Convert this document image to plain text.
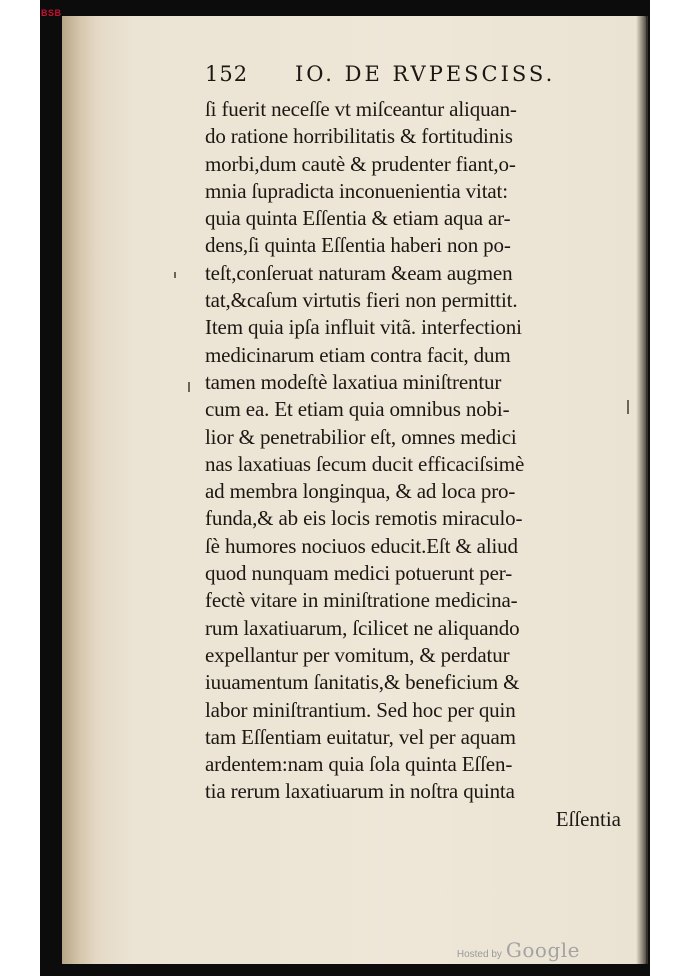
BSB
152	IO. DE RVPESCISS.
ſi fuerit neceſſe vt miſceantur aliquan-
do ratione horribilitatis & fortitudinis
morbi,dum cautè & prudenter fiant,o-
mnia ſupradicta inconuenientia vitat:
quia quinta Eſſentia & etiam aqua ar-
dens,ſi quinta Eſſentia haberi non po-
teſt,conſeruat naturam &eam augmen
tat,&caſum virtutis fieri non permittit.
Item quia ipſa influit vitã. interfectioni
medicinarum etiam contra facit, dum
tamen modeſtè laxatiua miniſtrentur
cum ea. Et etiam quia omnibus nobi-
lior & penetrabilior eſt, omnes medici
nas laxatiuas ſecum ducit efficaciſsimè
ad membra longinqua, & ad loca pro-
funda,& ab eis locis remotis miraculo-
ſè humores nociuos educit.Eſt & aliud
quod nunquam medici potuerunt per-
fectè vitare in miniſtratione medicina-
rum laxatiuarum, ſcilicet ne aliquando
expellantur per vomitum, & perdatur
iuuamentum ſanitatis,& beneficium &
labor miniſtrantium. Sed hoc per quin
tam Eſſentiam euitatur, vel per aquam
ardentem:nam quia ſola quinta Eſſen-
tia rerum laxatiuarum in noſtra quinta
Eſſentia
Hosted by Google
